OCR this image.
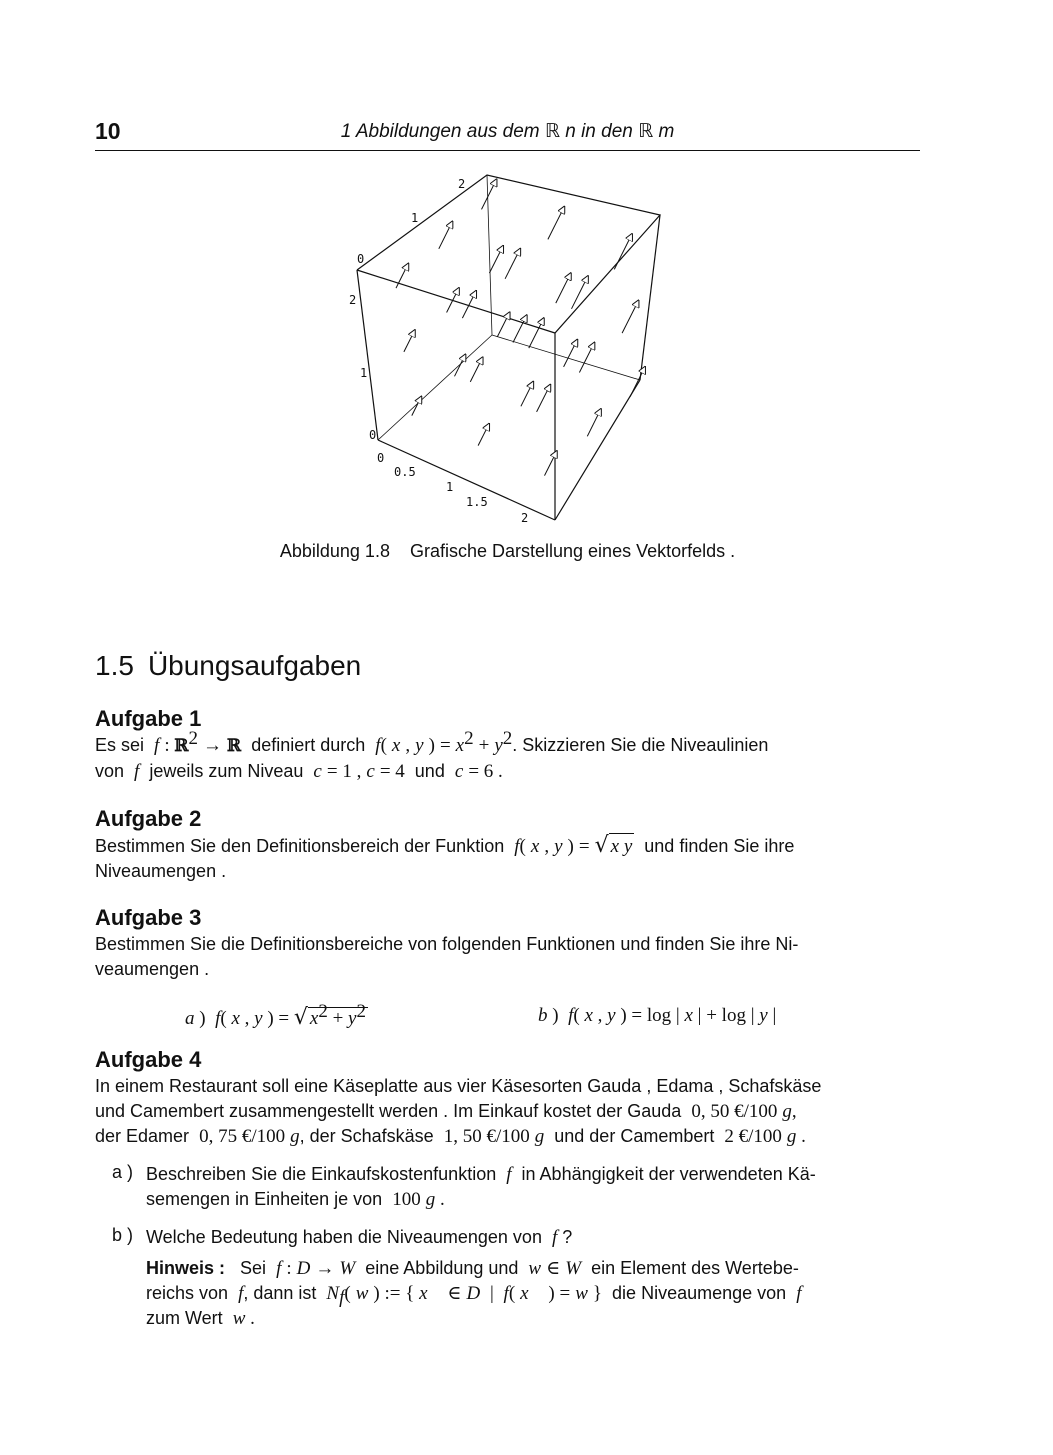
10	1 Abbildungen aus dem ℝ n in den ℝ m
0
1
2
2
1
0
0
0.5
1
1.5
2
Abbildung 1.8 Grafische Darstellung eines Vektorfelds .
1.5 Übungsaufgaben
Aufgabe 1
Es sei f : ℝ$^2$ → ℝ definiert durch f( x , y ) = $x^2 + y^2$. Skizzieren Sie die Niveaulinien
von f jeweils zum Niveau c = 1 , c = 4 und c = 6 .
Aufgabe 2
Bestimmen Sie den Definitionsbereich der Funktion f( x , y ) = √ x y und finden Sie ihre
Niveaumengen .
Aufgabe 3
Bestimmen Sie die Definitionsbereiche von folgenden Funktionen und finden Sie ihre Ni-
veaumengen .
a ) f( x , y ) = √ $x^2 + y^2$	b ) f( x , y ) = log | x | + log | y |
Aufgabe 4
In einem Restaurant soll eine Käseplatte aus vier Käsesorten Gauda , Edama , Schafskäse
und Camembert zusammengestellt werden . Im Einkauf kostet der Gauda 0, 50 €/100 g,
der Edamer 0, 75 €/100 g, der Schafskäse 1, 50 €/100 g und der Camembert 2 €/100 g .
a ) Beschreiben Sie die Einkaufskostenfunktion f in Abhängigkeit der verwendeten Kä-
semengen in Einheiten je von 100 g .
b ) Welche Bedeutung haben die Niveaumengen von f ?
Hinweis : Sei f : D → W eine Abbildung und w ∈ W ein Element des Wertebe-
reichs von f, dann ist $N_f$( w ) := { x⃗ ∈ D  |  f( x⃗ ) = w } die Niveaumenge von f
zum Wert w .
